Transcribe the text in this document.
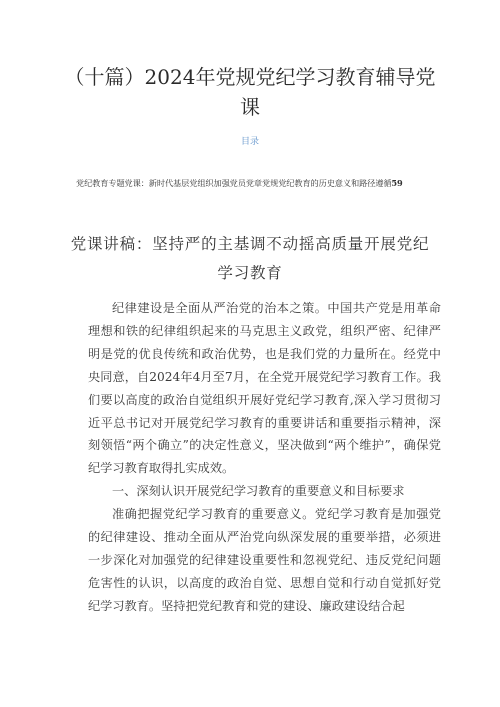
（十篇）2024年党规党纪学习教育辅导党课
目录
党纪教育专题党课：新时代基层党组织加强党员党章党规党纪教育的历史意义和路径遵循59
党课讲稿：坚持严的主基调不动摇高质量开展党纪学习教育

纪律建设是全面从严治党的治本之策。中国共产党是用革命理想和铁的纪律组织起来的马克思主义政党，组织严密、纪律严明是党的优良传统和政治优势，也是我们党的力量所在。经党中央同意，自2024年4月至7月，在全党开展党纪学习教育工作。我们要以高度的政治自觉组织开展好党纪学习教育,深入学习贯彻习近平总书记对开展党纪学习教育的重要讲话和重要指示精神，深刻领悟“两个确立”的决定性意义，坚决做到“两个维护”，确保党纪学习教育取得扎实成效。

一、深刻认识开展党纪学习教育的重要意义和目标要求

准确把握党纪学习教育的重要意义。党纪学习教育是加强党的纪律建设、推动全面从严治党向纵深发展的重要举措，必须进一步深化对加强党的纪律建设重要性和忽视党纪、违反党纪问题危害性的认识，以高度的政治自觉、思想自觉和行动自觉抓好党纪学习教育。坚持把党纪教育和党的建设、廉政建设结合起
